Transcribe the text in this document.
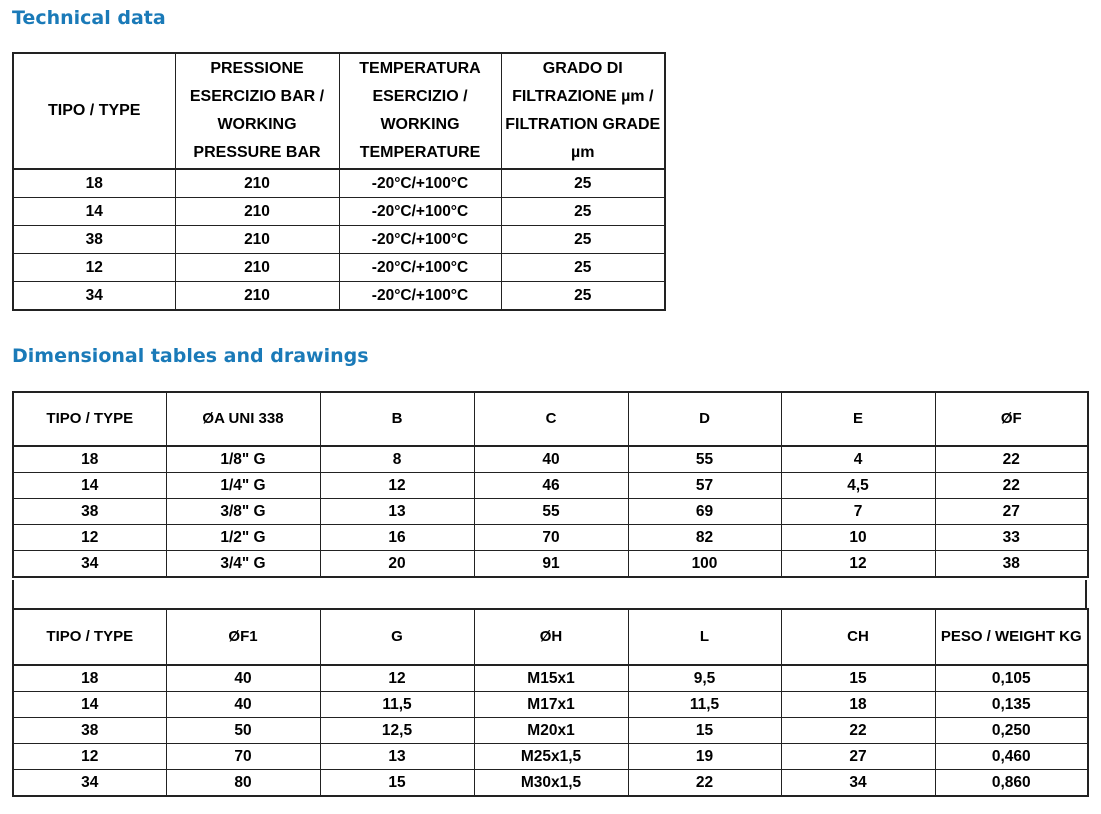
Technical data
TIPO / TYPE	PRESSIONE ESERCIZIO BAR / WORKING PRESSURE BAR	TEMPERATURA ESERCIZIO / WORKING TEMPERATURE	GRADO DI FILTRAZIONE µm / FILTRATION GRADE µm
18	210	-20°C/+100°C	25
14	210	-20°C/+100°C	25
38	210	-20°C/+100°C	25
12	210	-20°C/+100°C	25
34	210	-20°C/+100°C	25
Dimensional tables and drawings
TIPO / TYPE	ØA UNI 338	B	C	D	E	ØF
18	1/8" G	8	40	55	4	22
14	1/4" G	12	46	57	4,5	22
38	3/8" G	13	55	69	7	27
12	1/2" G	16	70	82	10	33
34	3/4" G	20	91	100	12	38
TIPO / TYPE	ØF1	G	ØH	L	CH	PESO / WEIGHT KG
18	40	12	M15x1	9,5	15	0,105
14	40	11,5	M17x1	11,5	18	0,135
38	50	12,5	M20x1	15	22	0,250
12	70	13	M25x1,5	19	27	0,460
34	80	15	M30x1,5	22	34	0,860
